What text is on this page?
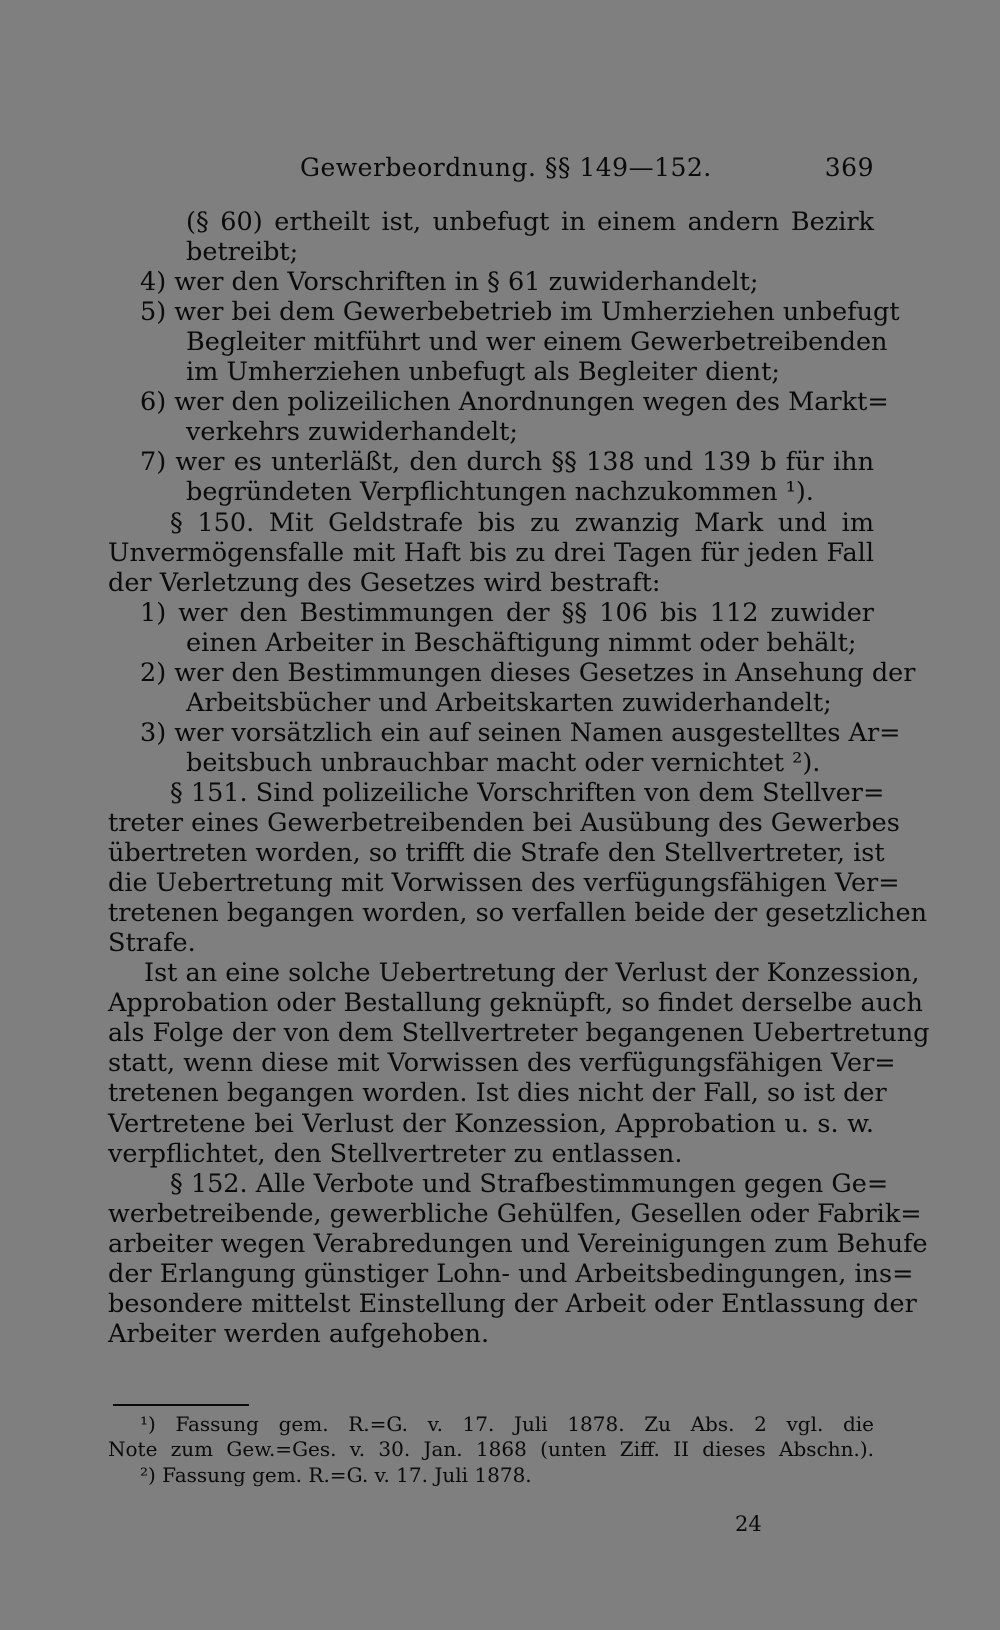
Gewerbeordnung. §§ 149—152.	369
(§ 60) ertheilt ist, unbefugt in einem andern Bezirk
betreibt;
4) wer den Vorschriften in § 61 zuwiderhandelt;
5) wer bei dem Gewerbebetrieb im Umherziehen unbefugt
Begleiter mitführt und wer einem Gewerbetreibenden
im Umherziehen unbefugt als Begleiter dient;
6) wer den polizeilichen Anordnungen wegen des Markt=
verkehrs zuwiderhandelt;
7) wer es unterläßt, den durch §§ 138 und 139 b für ihn
begründeten Verpflichtungen nachzukommen ¹).
§ 150. Mit Geldstrafe bis zu zwanzig Mark und im
Unvermögensfalle mit Haft bis zu drei Tagen für jeden Fall
der Verletzung des Gesetzes wird bestraft:
1) wer den Bestimmungen der §§ 106 bis 112 zuwider
einen Arbeiter in Beschäftigung nimmt oder behält;
2) wer den Bestimmungen dieses Gesetzes in Ansehung der
Arbeitsbücher und Arbeitskarten zuwiderhandelt;
3) wer vorsätzlich ein auf seinen Namen ausgestelltes Ar=
beitsbuch unbrauchbar macht oder vernichtet ²).
§ 151. Sind polizeiliche Vorschriften von dem Stellver=
treter eines Gewerbetreibenden bei Ausübung des Gewerbes
übertreten worden, so trifft die Strafe den Stellvertreter, ist
die Uebertretung mit Vorwissen des verfügungsfähigen Ver=
tretenen begangen worden, so verfallen beide der gesetzlichen
Strafe.
Ist an eine solche Uebertretung der Verlust der Konzession,
Approbation oder Bestallung geknüpft, so findet derselbe auch
als Folge der von dem Stellvertreter begangenen Uebertretung
statt, wenn diese mit Vorwissen des verfügungsfähigen Ver=
tretenen begangen worden. Ist dies nicht der Fall, so ist der
Vertretene bei Verlust der Konzession, Approbation u. s. w.
verpflichtet, den Stellvertreter zu entlassen.
§ 152. Alle Verbote und Strafbestimmungen gegen Ge=
werbetreibende, gewerbliche Gehülfen, Gesellen oder Fabrik=
arbeiter wegen Verabredungen und Vereinigungen zum Behufe
der Erlangung günstiger Lohn- und Arbeitsbedingungen, ins=
besondere mittelst Einstellung der Arbeit oder Entlassung der
Arbeiter werden aufgehoben.
¹) Fassung gem. R.=G. v. 17. Juli 1878. Zu Abs. 2 vgl. die
Note zum Gew.=Ges. v. 30. Jan. 1868 (unten Ziff. II dieses Abschn.).
²) Fassung gem. R.=G. v. 17. Juli 1878.
24
